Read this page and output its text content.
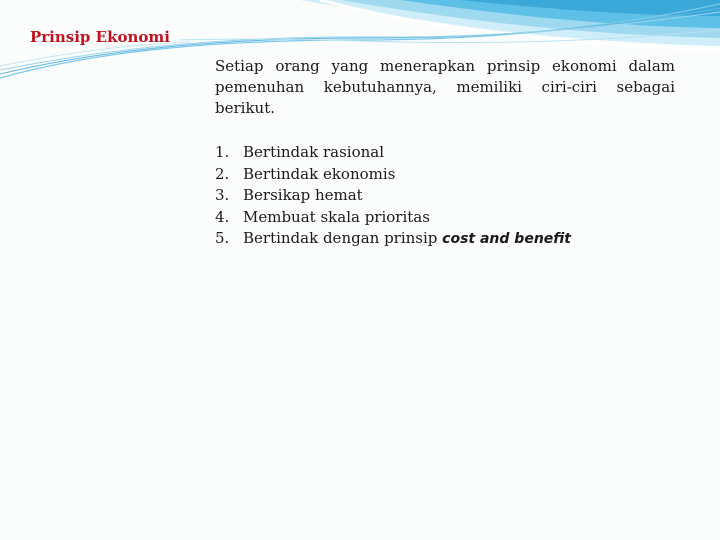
Prinsip Ekonomi
Setiap orang yang menerapkan prinsip ekonomi dalam pemenuhan kebutuhannya, memiliki ciri-ciri sebagai berikut.
1. Bertindak rasional
2. Bertindak ekonomis
3. Bersikap hemat
4. Membuat skala prioritas
5. Bertindak dengan prinsip cost and benefit
